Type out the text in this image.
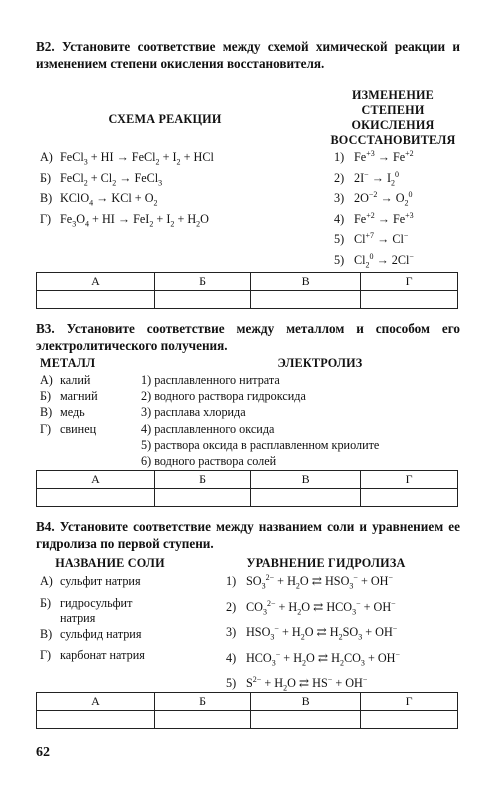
В2. Установите соответствие между схемой химической реакции и изменением степени окисления восстановителя.
СХЕМА РЕАКЦИИ
ИЗМЕНЕНИЕ
СТЕПЕНИ
ОКИСЛЕНИЯ
ВОССТАНОВИТЕЛЯ
А) FeCl$_3$ + HI → FeCl$_2$ + $I_2$ + HCl
Б) FeCl$_2$ + $Cl_2$ → FeCl$_3$
В) KClO$_4$ → KCl + $O_2$
Г) $Fe_3O_4$ + HI → $FeI_2 + I_2 + H_2O$
1) $Fe^{+3} \to Fe^{+2}$
2) $2I^- \to I_2^0$
3) $2O^{-2} \to O_2^0$
4) $Fe^{+2} \to Fe^{+3}$
5) $Cl^{+7} \to Cl^-$
5) $Cl_2^0 \to 2Cl^-$
А	Б	В	Г

В3. Установите соответствие между металлом и способом его электролитического получения.
МЕТАЛЛ	ЭЛЕКТРОЛИЗ
А) калий
Б) магний
В) медь
Г) свинец
1) расплавленного нитрата
2) водного раствора гидроксида
3) расплава хлорида
4) расплавленного оксида
5) раствора оксида в расплавленном криолите
6) водного раствора солей
А	Б	В	Г

В4. Установите соответствие между названием соли и уравнением ее гидролиза по первой ступени.
НАЗВАНИЕ СОЛИ	УРАВНЕНИЕ ГИДРОЛИЗА
А) сульфит натрия
Б) гидросульфит
натрия
В) сульфид натрия
Г) карбонат натрия
1) $SO_3^{2-} + H_2O$ ⇄ $HSO_3^- + OH^-$
2) $CO_3^{2-} + H_2O$ ⇄ $HCO_3^- + OH^-$
3) $HSO_3^- + H_2O$ ⇄ $H_2SO_3 + OH^-$
4) $HCO_3^- + H_2O$ ⇄ $H_2CO_3 + OH^-$
5) $S^{2-} + H_2O$ ⇄ HS− + OH−
А	Б	В	Г

62
